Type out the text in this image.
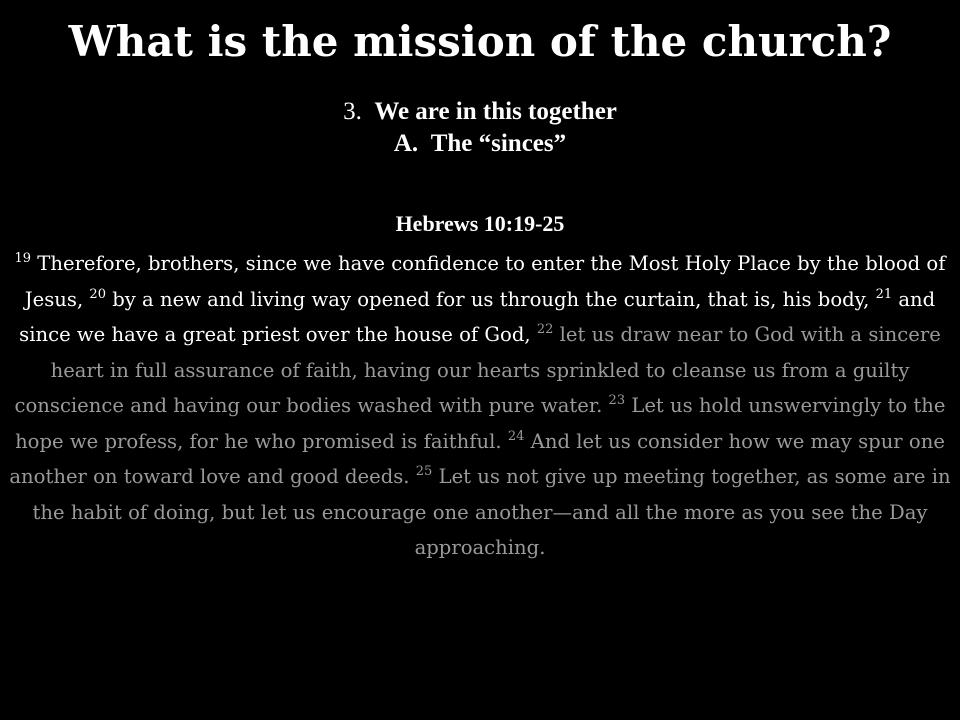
What is the mission of the church?
3. We are in this together
A. The “sinces”
Hebrews 10:19-25
$^{19}$ Therefore, brothers, since we have confidence to enter the Most Holy Place by the blood of Jesus, $^{20}$ by a new and living way opened for us through the curtain, that is, his body, $^{21}$ and since we have a great priest over the house of God, $^{22}$ let us draw near to God with a sincere heart in full assurance of faith, having our hearts sprinkled to cleanse us from a guilty conscience and having our bodies washed with pure water. $^{23}$ Let us hold unswervingly to the hope we profess, for he who promised is faithful. $^{24}$ And let us consider how we may spur one another on toward love and good deeds. $^{25}$ Let us not give up meeting together, as some are in the habit of doing, but let us encourage one another—and all the more as you see the Day approaching.
